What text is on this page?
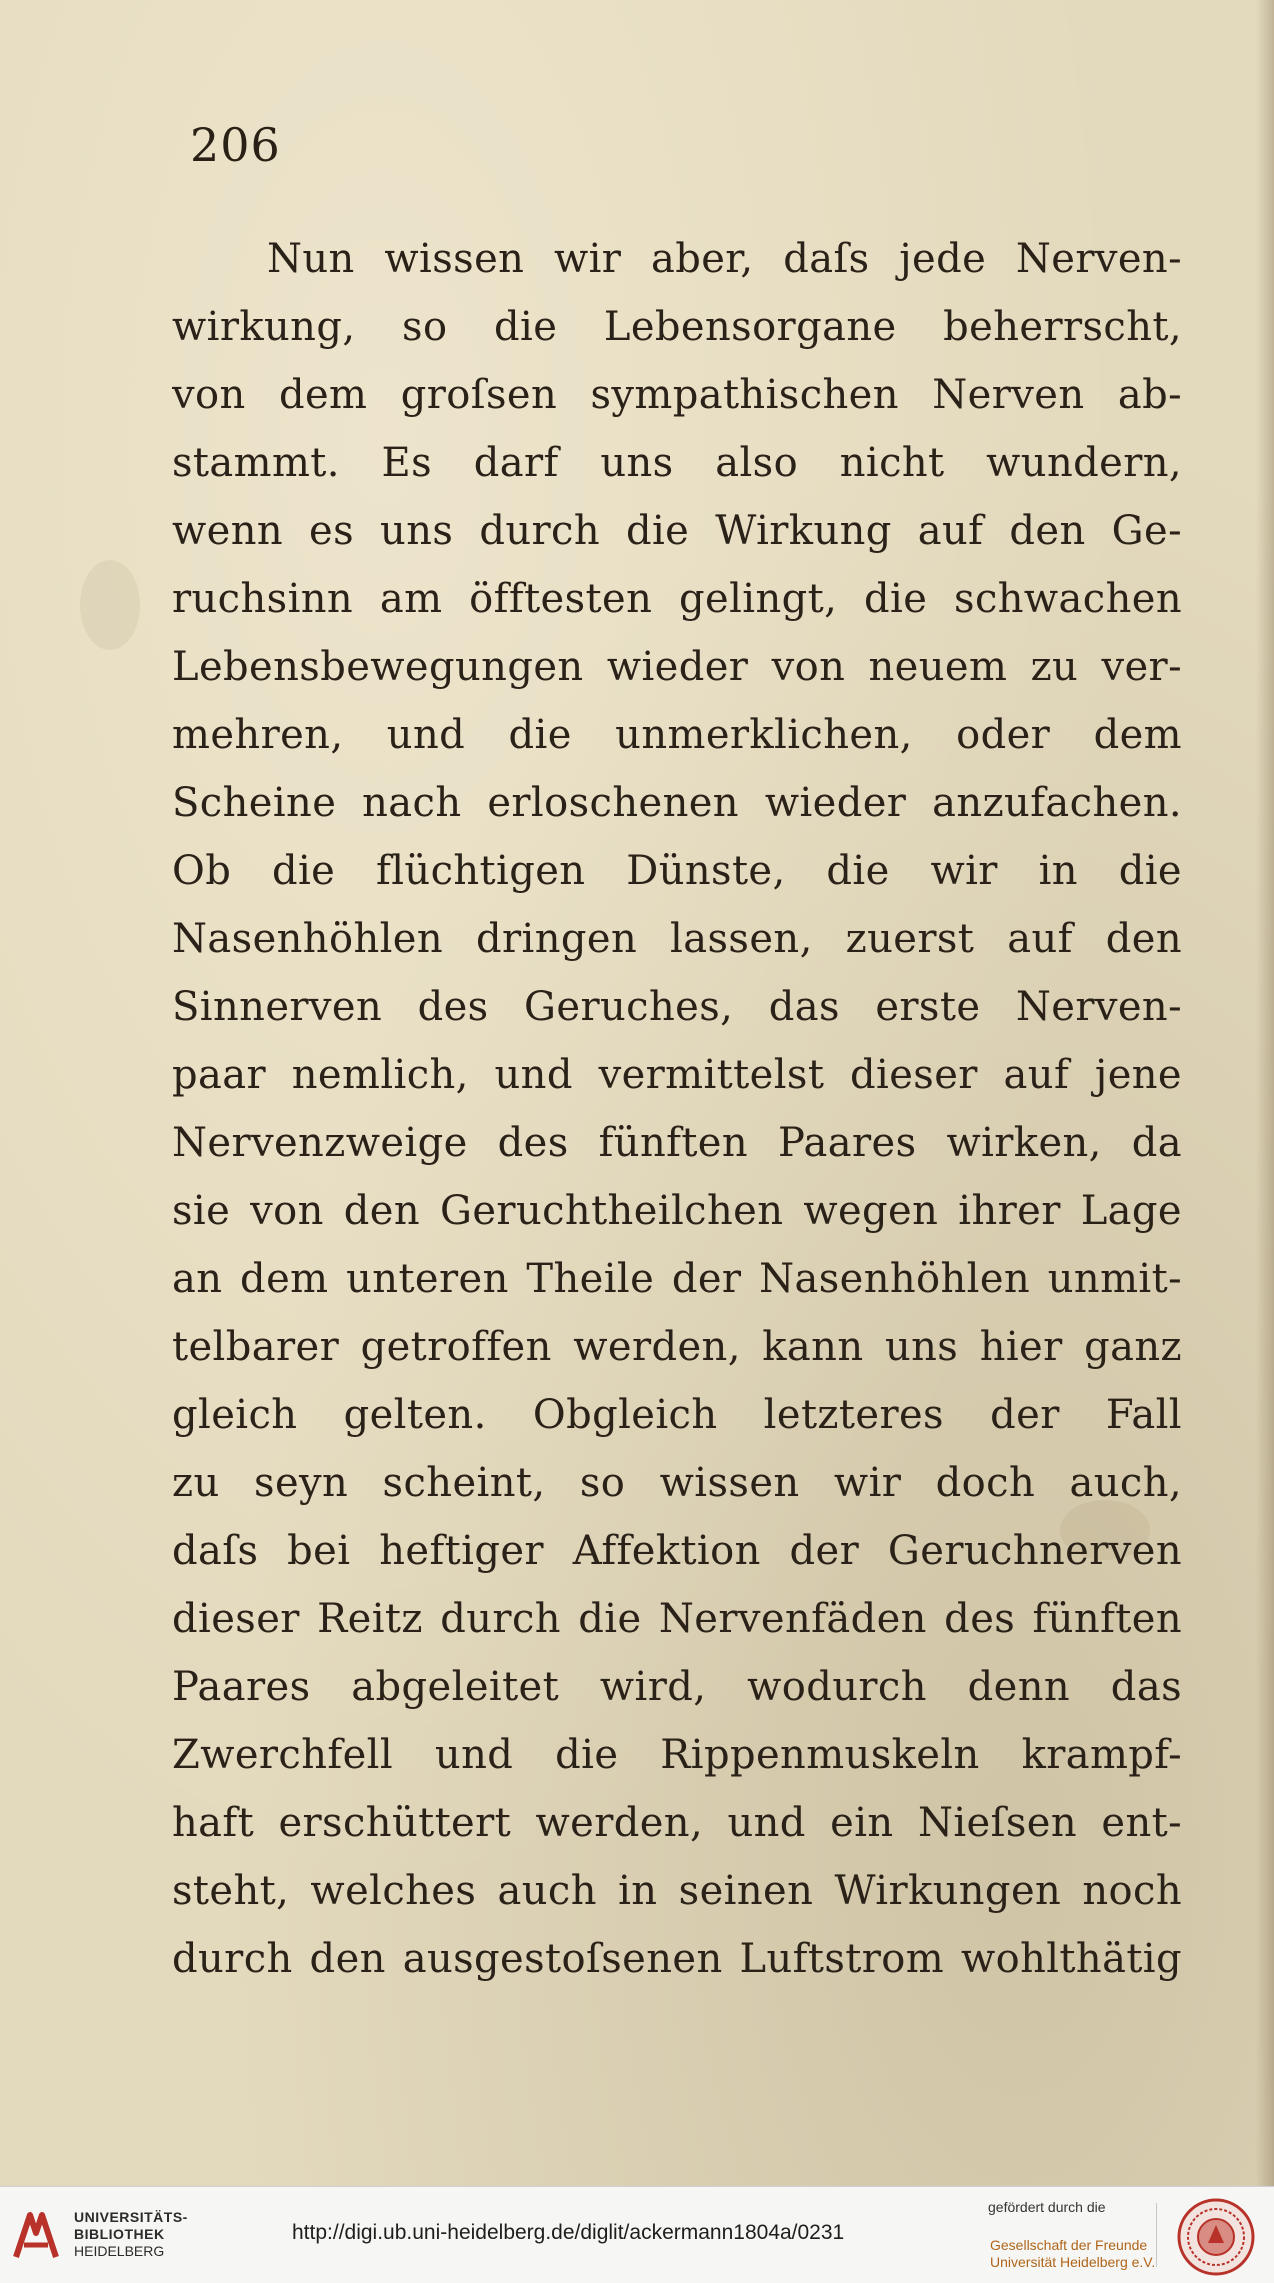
206
Nun wissen wir aber, daſs jede Nerven-
wirkung, so die Lebensorgane beherrscht,
von dem groſsen sympathischen Nerven ab-
stammt. Es darf uns also nicht wundern,
wenn es uns durch die Wirkung auf den Ge-
ruchsinn am öfftesten gelingt, die schwachen
Lebensbewegungen wieder von neuem zu ver-
mehren, und die unmerklichen, oder dem
Scheine nach erloschenen wieder anzufachen.
Ob die flüchtigen Dünste, die wir in die
Nasenhöhlen dringen lassen, zuerst auf den
Sinnerven des Geruches, das erste Nerven-
paar nemlich, und vermittelst dieser auf jene
Nervenzweige des fünften Paares wirken, da
sie von den Geruchtheilchen wegen ihrer Lage
an dem unteren Theile der Nasenhöhlen unmit-
telbarer getroffen werden, kann uns hier ganz
gleich gelten. Obgleich letzteres der Fall
zu seyn scheint, so wissen wir doch auch,
daſs bei heftiger Affektion der Geruchnerven
dieser Reitz durch die Nervenfäden des fünften
Paares abgeleitet wird, wodurch denn das
Zwerchfell und die Rippenmuskeln krampf-
haft erschüttert werden, und ein Nieſsen ent-
steht, welches auch in seinen Wirkungen noch
durch den ausgestoſsenen Luftstrom wohlthätig
UNIVERSITÄTS-
BIBLIOTHEK
HEIDELBERG
http://digi.ub.uni-heidelberg.de/diglit/ackermann1804a/0231
gefördert durch die
Gesellschaft der Freunde
Universität Heidelberg e.V.
